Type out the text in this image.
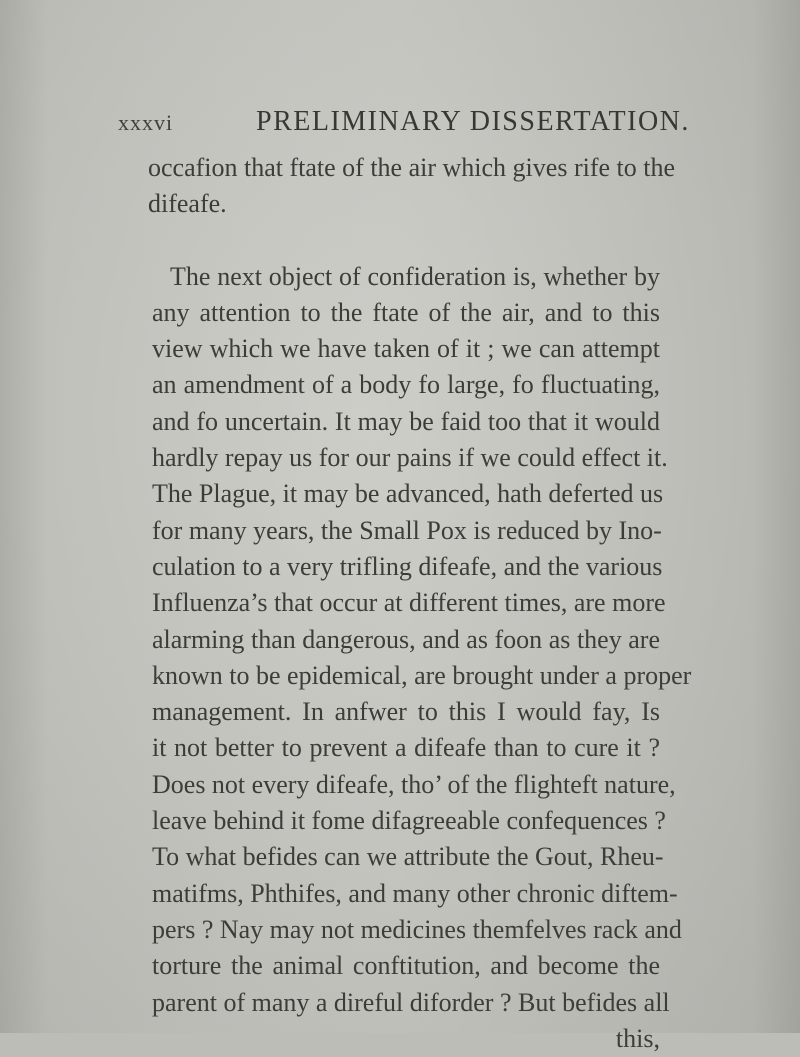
xxxvi	PRELIMINARY DISSERTATION.
occafion that ftate of the air which gives rife to the
difeafe.
The next object of confideration is, whether by
any attention to the ftate of the air, and to this
view which we have taken of it ; we can attempt
an amendment of a body fo large, fo fluctuating,
and fo uncertain. It may be faid too that it would
hardly repay us for our pains if we could effect it.
The Plague, it may be advanced, hath deferted us
for many years, the Small Pox is reduced by Ino-
culation to a very trifling difeafe, and the various
Influenza’s that occur at different times, are more
alarming than dangerous, and as foon as they are
known to be epidemical, are brought under a proper
management. In anfwer to this I would fay, Is
it not better to prevent a difeafe than to cure it ?
Does not every difeafe, tho’ of the flighteft nature,
leave behind it fome difagreeable confequences ?
To what befides can we attribute the Gout, Rheu-
matifms, Phthifes, and many other chronic diftem-
pers ? Nay may not medicines themfelves rack and
torture the animal conftitution, and become the
parent of many a direful diforder ? But befides all
this,
